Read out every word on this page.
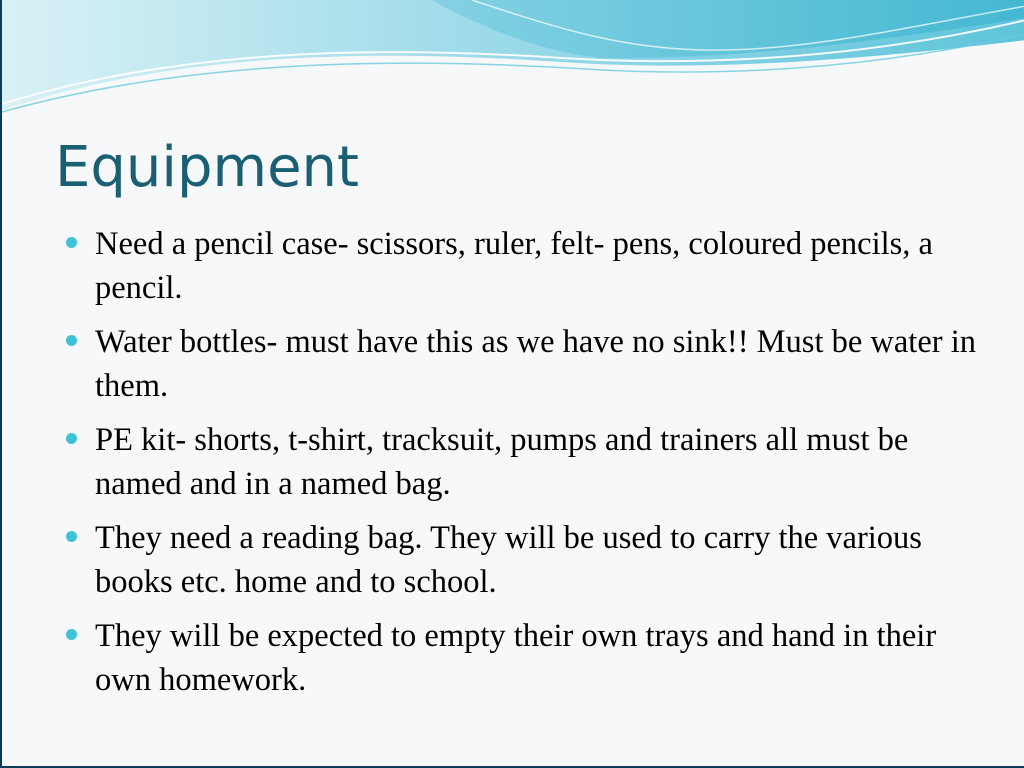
Equipment
Need a pencil case- scissors, ruler, felt- pens, coloured pencils, a pencil.
Water bottles- must have this as we have no sink!! Must be water in them.
PE kit- shorts, t-shirt, tracksuit, pumps and trainers all must be named and in a named bag.
They need a reading bag. They will be used to carry the various books etc. home and to school.
They will be expected to empty their own trays and hand in their own homework.
